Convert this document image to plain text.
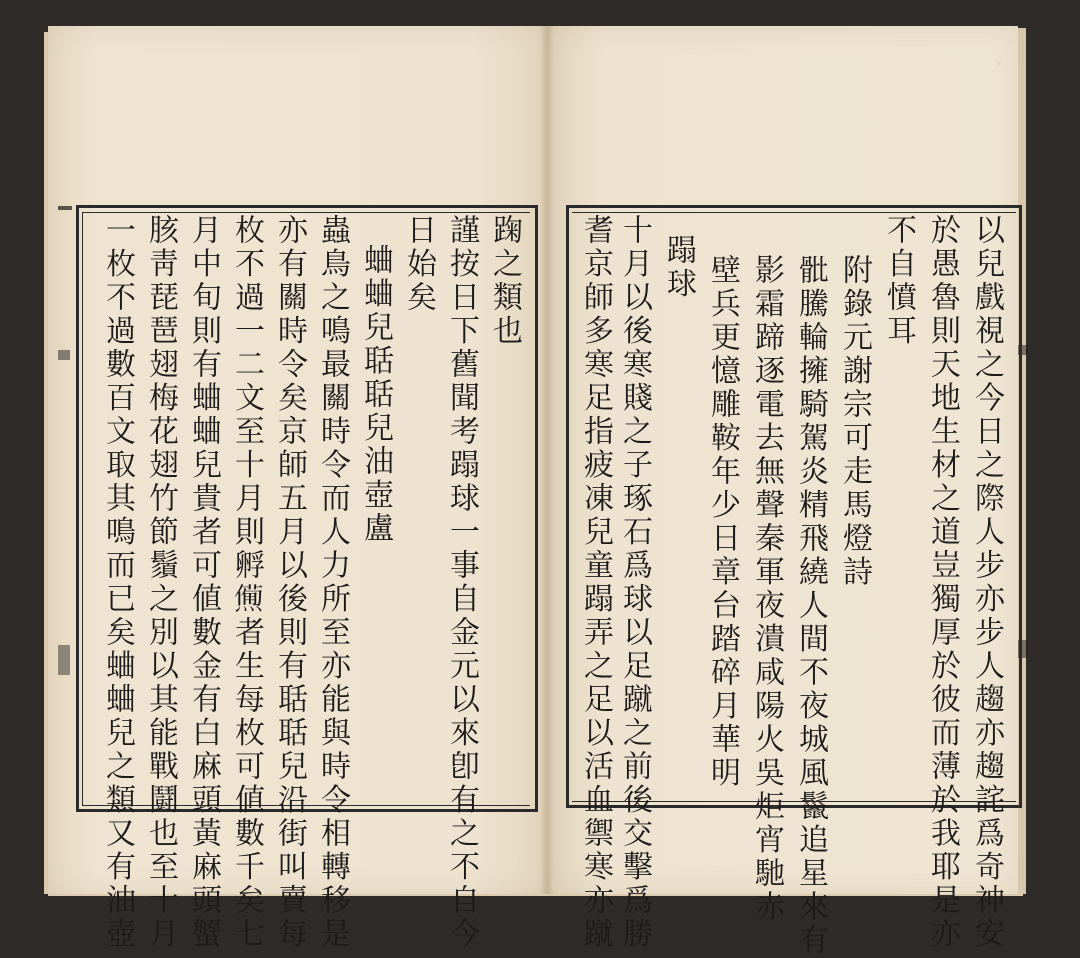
．
踘之類也
謹按日下舊聞考蹋球一事自金元以來卽有之不自今
日始矣
蛐蛐兒聒聒兒油壺盧
蟲鳥之鳴最關時令而人力所至亦能與時令相轉移是
亦有關時令矣京師五月以後則有聒聒兒沿街叫賣每
枚不過一二文至十月則孵𤏹者生每枚可値數千矣七
月中旬則有蛐蛐兒貴者可値數金有白麻頭黃麻頭蟹
胲靑琵琶翅梅花翅竹節鬚之別以其能戰鬪也至十月
一枚不過數百文取其鳴而已矣蛐蛐兒之類又有油壺	以兒戲視之今日之際人步亦步人趨亦趨詫爲奇神安
於愚魯則天地生材之道豈獨厚於彼而薄於我耶是亦
不自憤耳
附錄元謝宗可走馬燈詩
𩨨騰輪擁騎駕炎精飛繞人間不夜城風鬣追星來有
影霜蹄逐電去無聲秦軍夜潰咸陽火吳炬宵馳赤
壁兵更憶雕鞍年少日章台踏碎月華明
蹋球
十月以後寒賤之子琢石爲球以足蹴之前後交擊爲勝
耆京師多寒足指疲凍兒童蹋弄之足以活血禦寒亦蹴
